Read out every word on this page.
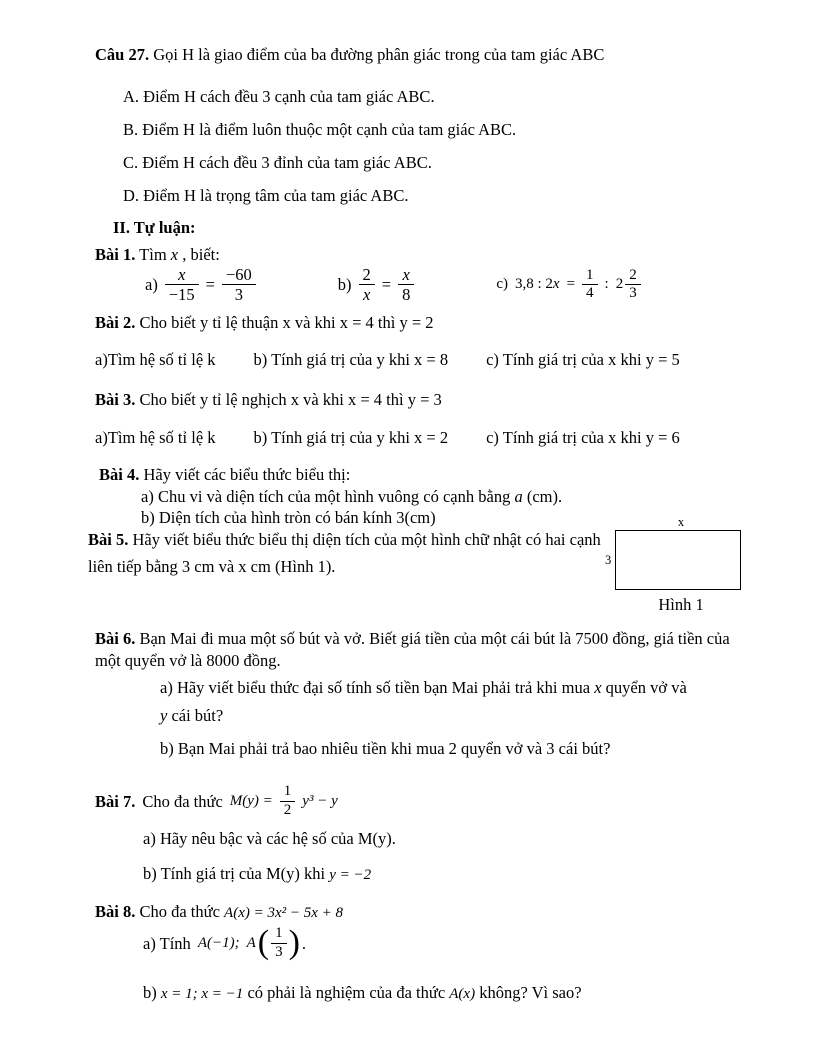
Câu 27. Gọi H là giao điểm của ba đường phân giác trong của tam giác ABC
A. Điểm H cách đều 3 cạnh của tam giác ABC.
B. Điểm H là điểm luôn thuộc một cạnh của tam giác ABC.
C. Điểm H cách đều 3 đỉnh của tam giác ABC.
D. Điểm H là trọng tâm của tam giác ABC.
II. Tự luận:
Bài 1. Tìm x , biết:
$a) \frac{x}{-15} = \frac{-60}{3}$	$b) \frac{2}{x} = \frac{x}{8}$	c) 3,8 : $2x = \frac{1}{4}$ : $2 \frac{2}{3}$
Bài 2. Cho biết y tỉ lệ thuận x và khi x = 4 thì y = 2
a)Tìm hệ số tỉ lệ k b) Tính giá trị của y khi x = 8 c) Tính giá trị của x khi y = 5
Bài 3. Cho biết y tỉ lệ nghịch x và khi x = 4 thì y = 3
a)Tìm hệ số tỉ lệ k b) Tính giá trị của y khi x = 2 c) Tính giá trị của x khi y = 6
Bài 4. Hãy viết các biểu thức biểu thị:
a) Chu vi và diện tích của một hình vuông có cạnh bằng a (cm).
b) Diện tích của hình tròn có bán kính 3(cm)
Bài 5. Hãy viết biểu thức biểu thị diện tích của một hình chữ nhật có hai cạnh liên tiếp bằng 3 cm và x cm (Hình 1).
x
3
Hình 1
Bài 6. Bạn Mai đi mua một số bút và vở. Biết giá tiền của một cái bút là 7500 đồng, giá tiền của một quyển vở là 8000 đồng.
a) Hãy viết biểu thức đại số tính số tiền bạn Mai phải trả khi mua x quyển vở và
y cái bút?
b) Bạn Mai phải trả bao nhiêu tiền khi mua 2 quyển vở và 3 cái bút?
Bài 7. Cho đa thức $M(y) = \frac{1}{2} y^3 - y$
a) Hãy nêu bậc và các hệ số của M(y).
b) Tính giá trị của M(y) khi y = −2
Bài 8. Cho đa thức A(x) = 3x² − 5x + 8
a) Tính A(−1); A ( $\frac{1}{3}$ ) .
b) x = 1; x = −1 có phải là nghiệm của đa thức A(x) không? Vì sao?
